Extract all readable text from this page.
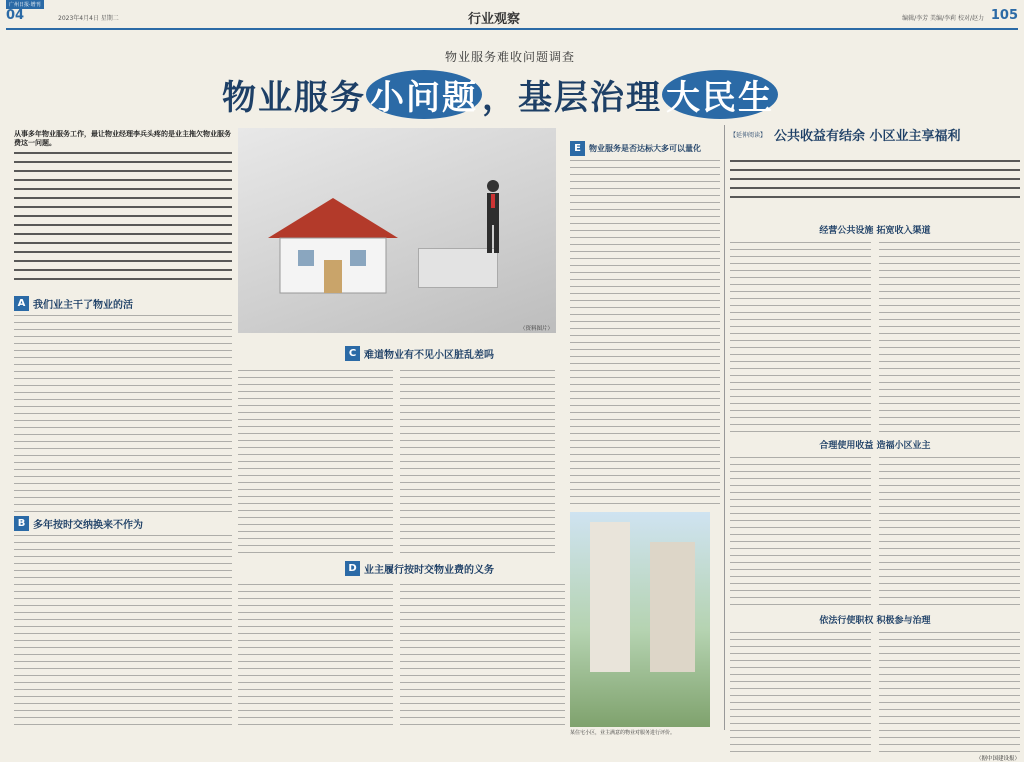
广州日报·增刊
04	2023年4月4日 星期二	行业观察	编辑/李芳 美编/李莉 校对/赵力 105
物业服务难收问题调查
物业服务 小问题 ，基层治理 大民生
从事多年物业服务工作，最让物业经理李兵头疼的是业主拖欠物业服务费这一问题。
A 我们业主干了物业的活
B 多年按时交纳换来不作为
（资料图片）
C 难道物业有不见小区脏乱差吗
D 业主履行按时交物业费的义务
E	物业服务是否达标大多可以量化
某住宅小区，业主满意的物业对服务进行评价。
【延伸阅读】 公共收益有结余 小区业主享福利
经营公共设施 拓宽收入渠道
合理使用收益 造福小区业主
依法行使职权 积极参与治理
（据中国建设报）
